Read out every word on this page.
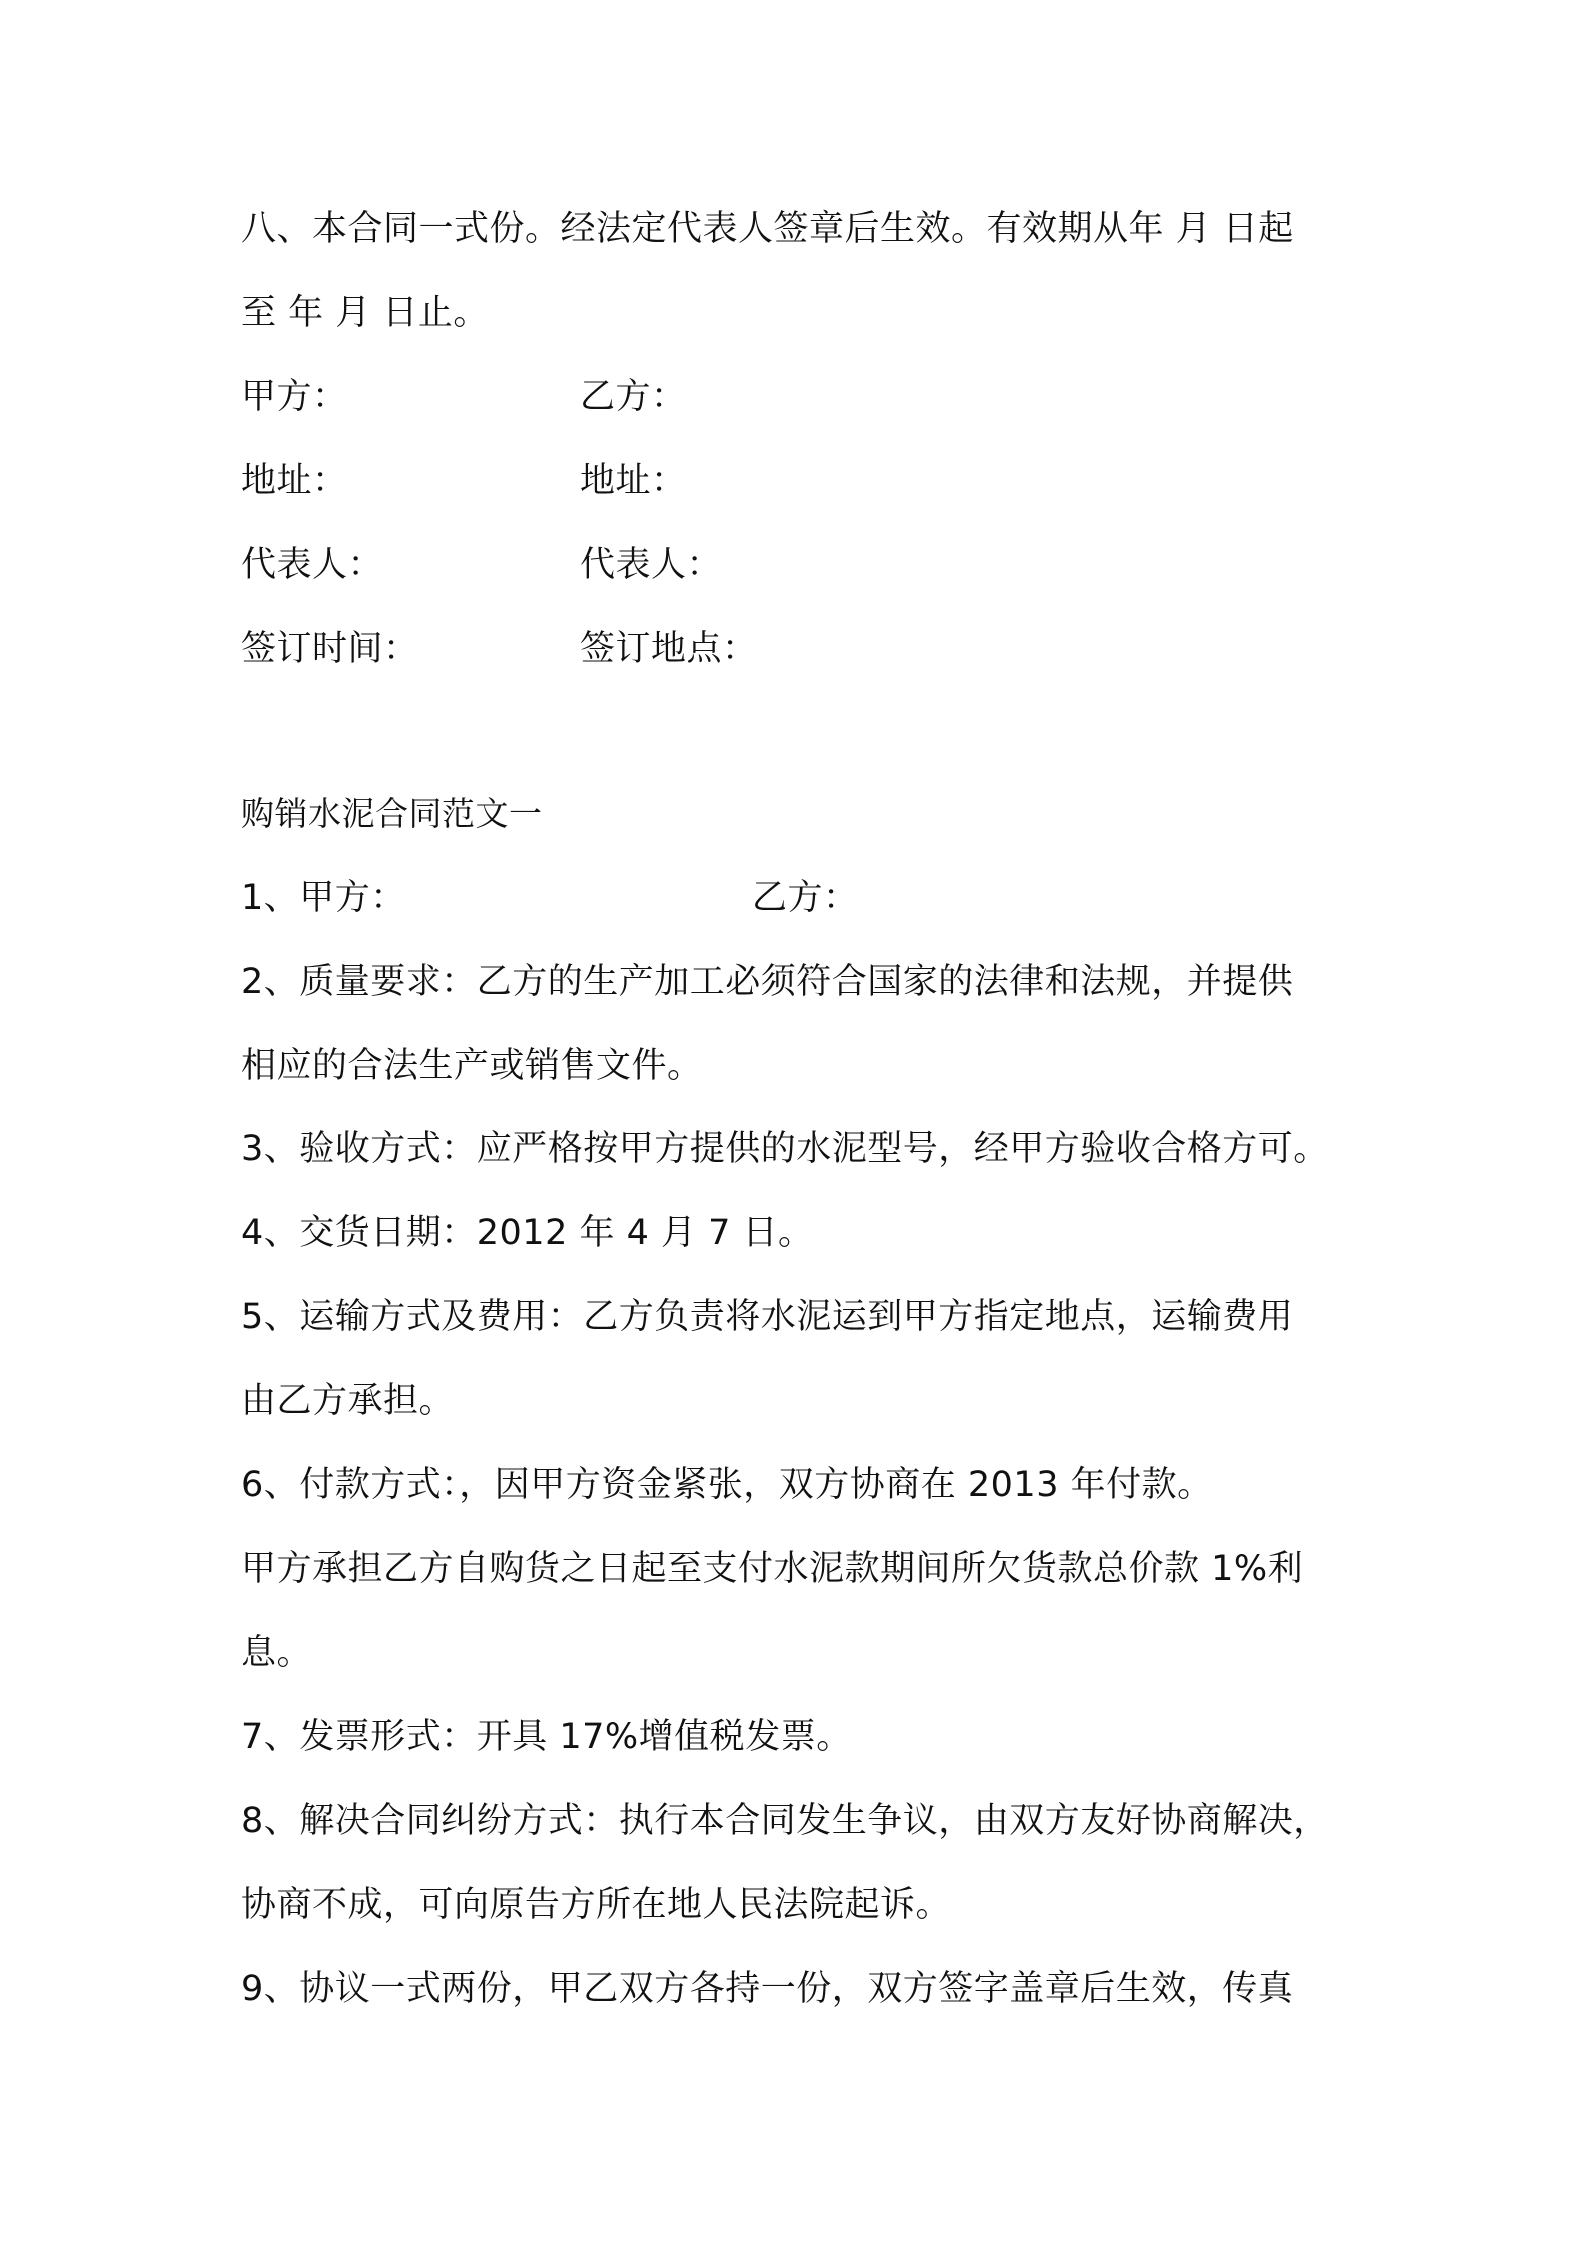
八、本合同一式份。经法定代表人签章后生效。有效期从年 月 日起
至 年 月 日止。
甲方：	乙方：
地址：	地址：
代表人：	代表人：
签订时间：	签订地点：
购销水泥合同范文一
1、甲方：	乙方：
2、质量要求：乙方的生产加工必须符合国家的法律和法规，并提供
相应的合法生产或销售文件。
3、验收方式：应严格按甲方提供的水泥型号，经甲方验收合格方可。
4、交货日期：2012 年 4 月 7 日。
5、运输方式及费用：乙方负责将水泥运到甲方指定地点，运输费用
由乙方承担。
6、付款方式：，因甲方资金紧张，双方协商在 2013 年付款。
甲方承担乙方自购货之日起至支付水泥款期间所欠货款总价款 1%利
息。
7、发票形式：开具 17%增值税发票。
8、解决合同纠纷方式：执行本合同发生争议，由双方友好协商解决，
协商不成，可向原告方所在地人民法院起诉。
9、协议一式两份，甲乙双方各持一份，双方签字盖章后生效，传真
